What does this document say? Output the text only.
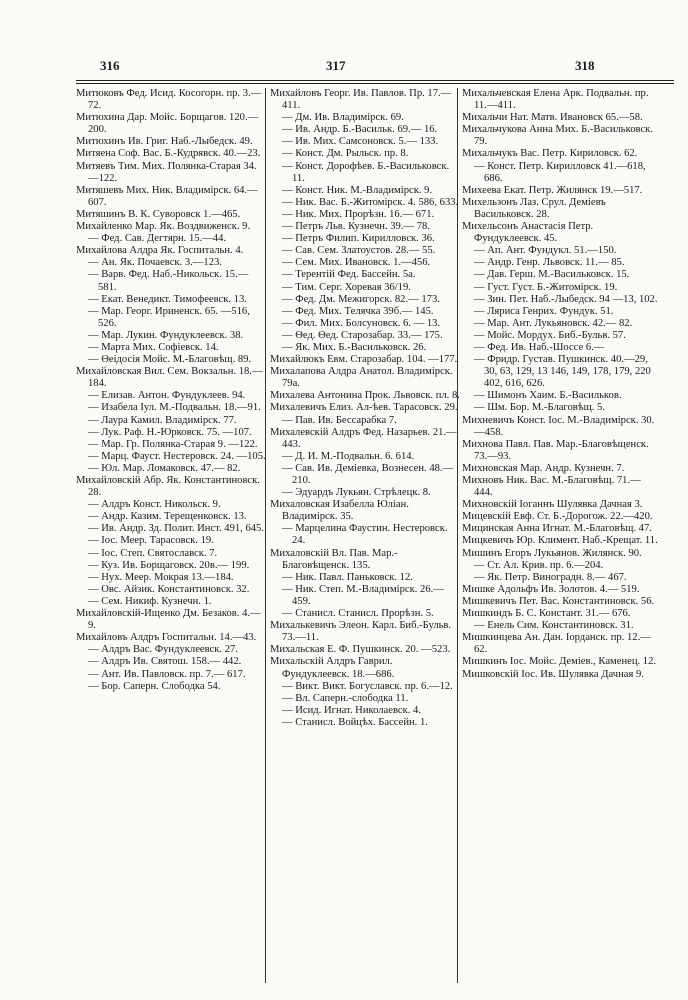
316	317	318

Митюковъ Фед. Исид. Косогорн. пр. 3.—72.

Митюхина Дар. Мойс. Борщагов. 120.—200.

Митюхинъ Ив. Григ. Наб.-Лыбедск. 49.

Митяена Соф. Вас. Б.-Кудрявск. 40.—23.

Митяевъ Тим. Мих. Полянка-Старая 34.—122.

Митяшевъ Мих. Ник. Владимірск. 64.—607.

Митяшинъ В. К. Суворовск 1.—465.

Михайленко Мар. Як. Воздвиженск. 9.

— Фед. Сав. Дегтярн. 15.—44.

Михайлова Алдра Як. Госпитальн. 4.

— Ан. Як. Почаевск. 3.—123.

— Варв. Фед. Наб.-Никольск. 15.— 581.

— Екат. Венедикт. Тимофеевск. 13.

— Мар. Георг. Ириненск. 65. —516, 526.

— Мар. Лукин. Фундуклеевск. 38.

— Марта Мих. Софіевск. 14.

— Θеідосія Мойс. М.-Благовѣщ. 89.

Михайловская Вил. Сем. Вокзальн. 18.—184.

— Елизав. Антон. Фундуклеев. 94.

— Изабела Іул. М.-Подвальн. 18.—91.

— Лаура Камил. Владимірск. 77.

— Лук. Раф. Н.-Юрковск. 75. —107.

— Мар. Гр. Полянка-Старая 9. —122.

— Марц. Фауст. Нестеровск. 24. —105.

— Юл. Мар. Ломаковск. 47.— 82.

Михайловскій Абр. Як. Константиновск. 28.

— Алдръ Конст. Никольск. 9.

— Андр. Казим. Терещенковск. 13.

— Ив. Андр. Зд. Полит. Инст. 491, 645.

— Іос. Меер. Тарасовск. 19.

— Іос. Степ. Святославск. 7.

— Куз. Ив. Борщаговск. 20в.— 199.

— Нух. Меер. Мокрая 13.—184.

— Овс. Айзик. Константиновск. 32.

— Сем. Никиф. Кузнечн. 1.

Михайловскій-Ищенко Дм. Безаков. 4.—9.

Михайловъ Алдръ Госпитальн. 14.—43.

— Алдръ Вас. Фундуклеевск. 27.

— Алдръ Ив. Святош. 158.— 442.

— Ант. Ив. Павловск. пр. 7.— 617.

— Бор. Саперн. Слободка 54.

Михайловъ Георг. Ив. Павлов. Пр. 17.—411.

— Дм. Ив. Владимірск. 69.

— Ив. Андр. Б.-Васильк. 69.— 16.

— Ив. Мих. Самсоновск. 5.— 133.

— Конст. Дм. Рыльск. пр. 8.

— Конст. Дорофѣев. Б.-Васильковск. 11.

— Конст. Ник. М.-Владимірск. 9.

— Ник. Вас. Б.-Житомірск. 4. 586, 633.

— Ник. Мих. Прорѣзн. 16.— 671.

— Петръ Льв. Кузнечн. 39.— 78.

— Петръ Филип. Кирилловск. 36.

— Сав. Сем. Златоустов. 28.— 55.

— Сем. Мих. Ивановск. 1.—456.

— Терентій Фед. Бассейн. 5а.

— Тим. Серг. Хоревая 36/19.

— Фед. Дм. Межигорск. 82.— 173.

— Фед. Мих. Телячка 39б.— 145.

— Фил. Мих. Болсуновск. 6. — 13.

— Θед. Θед. Старозабар. 33.— 175.

— Як. Мих. Б.-Васильковск. 26.

Михайлюкъ Евм. Старозабар. 104. —177.

Михалапова Алдра Анатол. Владимірск. 79а.

Михалева Антонина Прок. Львовск. пл. 8.

Михалевичъ Елиз. Ал-ѣев. Тарасовск. 29.

— Пав. Ив. Бессарабка 7.

Михалевскій Алдръ Фед. Назарьев. 21.—443.

— Д. И. М.-Подвальн. 6. 614.

— Сав. Ив. Деміевка, Вознесен. 48.—210.

— Эдуардъ Лукьян. Стрѣлецк. 8.

Михаловская Изабелла Юліан. Владимірск. 35.

— Марцелина Фаустин. Нестеровск. 24.

Михаловскій Вл. Пав. Мар.-Благовѣщенск. 135.

— Ник. Павл. Паньковск. 12.

— Ник. Степ. М.-Владимірск. 26.—459.

— Станисл. Станисл. Прорѣзн. 5.

Михалькевичъ Элеон. Карл. Биб.-Бульв. 73.—11.

Михальская Е. Ф. Пушкинск. 20. —523.

Михальскій Алдръ Гаврил. Фундуклеевск. 18.—686.

— Викт. Викт. Богуславск. пр. 6.—12.

— Вл. Саперн.-слободка 11.

— Исид. Игнат. Николаевск. 4.

— Станисл. Войцѣх. Бассейн. 1.

Михальчевская Елена Арк. Подвальн. пр. 11.—411.

Михальчи Нат. Матв. Ивановск 65.—58.

Михальчукова Анна Мих. Б.-Васильковск. 79.

Михальчукъ Вас. Петр. Кириловск. 62.

— Конст. Петр. Кирилловск 41.—618, 686.

Михеева Екат. Петр. Жилянск 19.—517.

Михельзонъ Лаз. Срул. Деміевъ Васильковск. 28.

Михельсонъ Анастасія Петр. Фундуклеевск. 45.

— Ап. Ант. Фундукл. 51.—150.

— Андр. Генр. Львовск. 11.— 85.

— Дав. Герш. М.-Васильковск. 15.

— Густ. Густ. Б.-Житомірск. 19.

— Зин. Пет. Наб.-Лыбедск. 94 —13, 102.

— Ляриса Генрих. Фундук. 51.

— Мар. Ант. Лукьяновск. 42.— 82.

— Мойс. Мордух. Биб.-Бульв. 57.

— Фед. Ив. Наб.-Шоссе 6.—

— Фридр. Густав. Пушкинск. 40.—29, 30, 63, 129, 13 146, 149, 178, 179, 220 402, 616, 626.

— Шимонъ Хаим. Б.-Васильков.

— Шм. Бор. М.-Благовѣщ. 5.

Михневичъ Конст. Іос. М.-Владимірск. 30.—458.

Михнова Павл. Пав. Мар.-Благовѣщенск. 73.—93.

Михновская Мар. Андр. Кузнечн. 7.

Михновъ Ник. Вас. М.-Благовѣщ. 71.—444.

Михновскій Іоганнъ Шулявка Дачная 3.

Мицевскій Евф. Ст. Б.-Дорогож. 22.—420.

Мицинская Анна Игнат. М.-Благовѣщ. 47.

Мицкевичъ Юр. Климент. Наб.-Крещат. 11.

Мишинъ Егоръ Лукьянов. Жилянск. 90.

— Ст. Ал. Крив. пр. 6.—204.

— Як. Петр. Виноградн. 8.— 467.

Мишке Адольфъ Ив. Золотов. 4.— 519.

Мишкевичъ Пет. Вас. Константиновск. 56.

Мишкиндъ Б. С. Констант. 31.— 676.

— Енель Сим. Константиновск. 31.

Мишкинцева Ан. Дан. Іорданск. пр. 12.—62.

Мишкинъ Іос. Мойс. Деміев., Каменец. 12.

Мишковскій Іос. Ив. Шулявка Дачная 9.
